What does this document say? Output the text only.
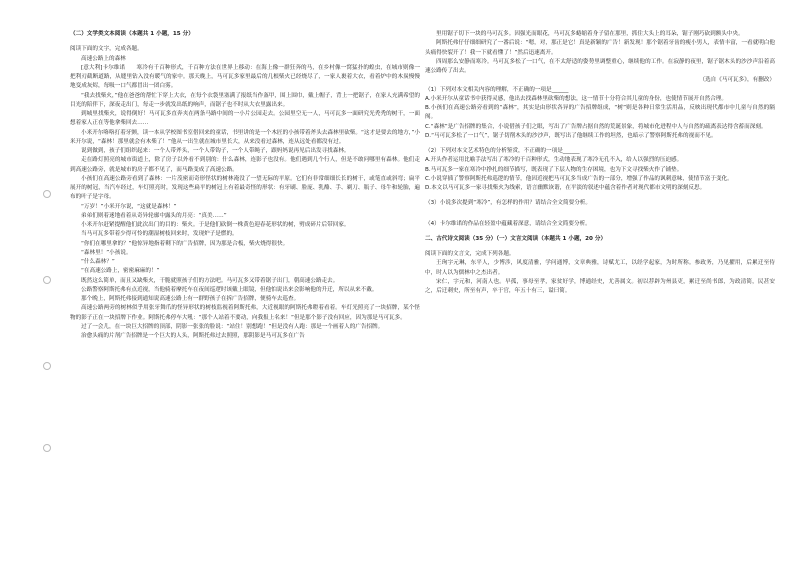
（二）文学类文本阅读（本题共 1 小题，15 分）

阅读下面的文字，完成各题。

高速公路上的森林

[意大利]卡尔维诺　　寒冷有千百种形式，千百种方法在世界上移动：在海上像一群狂奔的马，在乡村像一窝猛扑的蝗虫，在城市则像一把利刃截断道路，从缝里钻入没有暖气的家中。那天晚上，马可瓦多家里最后的几根柴火已经烧尽了，一家人裹着大衣，看着炉中的木炭慢慢地变成灰烬，每吸一口气都冒出一团白雾。

“我去找柴火，”他在爸爸的帮忙下穿上大衣，在每个衣袋里塞满了报纸当作盔甲，围上围巾，戴上帽子，背上一把锯子，在家人充满希望的目光的陪伴下，深夜走出门，每走一步就发出纸的响声，而锯子也不时从大衣里露出来。

到城里找柴火，说得倒好！马可瓦多直奔夹在两条马路中间的一小片公园走去。公园里空无一人，马可瓦多一面研究光秃秃的树干，一面想着家人正在等他拿柴回去……

小米开尔咯咯打着牙颤，读一本从学校图书室借回来的童话，书里讲的是一个木匠的小孩带着斧头去森林里砍柴。“这才是要去的地方，”小米开尔说，“森林！那里就会有木柴了！”他从一出生就在城市里长大，从来没看过森林，连从远处看都没有过。

说到做到，孩子们组织起来：一个人带斧头，一个人带钩子，一个人带绳子，跟妈妈说再见后出发寻找森林。

走在路灯照亮的城市街道上，除了房子以外看不到别的：什么森林，连影子也没有。他们遇到几个行人，但是不敢问哪里有森林。他们走到高速公路旁，就是城市的房子都不见了，而马路变成了高速公路。

小孩们在高速公路旁看到了森林：一片茂密而奇形怪状的树林淹没了一望无际的平原。它们有非常细细长长的树干，或笔直或斜弯；扁平展开的树冠，当汽车经过，车灯照亮时，发现这些扁平的树冠上有着最奇怪的形状：有牙刷、脸庞、乳酪、手、剃刀、瓶子、母牛和轮胎，遍布的叶子是字母。

“万岁！”小米开尔说，“这就是森林！”

弟弟们则着迷地看着从奇异轮廓中露头的月亮：“真美……”

小米开尔赶紧提醒他们此次出门的目的：柴火。于是他们砍倒一株黄色迎春花形状的树，劈成碎片后带回家。

当马可瓦多带着少得可怜的潮湿树枝回来时，发现炉子是燃的。

“你们在哪里拿的？”他惊异地指着剩下的广告招牌，因为那是合板，柴火烧得很快。

“森林里！”小孩说。

“什么森林？”

“在高速公路上，密密麻麻的！”

既然这么简单，而且又缺柴火，干脆就照孩子们的方法吧。马可瓦多又带着锯子出门，朝高速公路走去。

公路警察阿斯托弗有点近视，当他骑着摩托车在夜间巡逻时该戴上眼镜，但他怕说出来会影响他的升迁，所以从来不戴。

那个晚上，阿斯托弗接到通知说高速公路上有一群野孩子在拆广告招牌，便骑车去巡查。

高速公路两旁的树林似乎用张牙舞爪的怪异形状的树枝监视着阿斯托弗，大近视眼的阿斯托弗瞪着看着。车灯光照亮了一块招牌，某个怪物的影子正在一块招牌下作业。阿斯托弗停车大吼：“那个人站着不要动，向我报上名来！”但是那个影子没有回应，因为那是马可瓦多。

过了一会儿，在一块巨大招牌的顶部，阴影一张张的脸说：“站住！别想跑！”但是没有人跑：那是一个画着人的广告招牌。

治愈头痛的片剂广告招牌是一个巨大的人头，阿斯托弗过去照照，那阴影是马可瓦多在广告

里用锯子切下一块的马可瓦多。因强光而眼花，马可瓦多蜷缩着身子留在那里，抓住大头上的耳朵，锯子刚巧砍到额头中央。

阿斯托弗仔仔细细研究了一番后说：“嗯，对，那正是它！真是新颖的广告！新发现！那个锯着牙齿的瘦小男人，表情丰富，一看就明白他头痛得快裂开了！我一下就看懂了！”然后迅速离开。

四周那么安静而寒冷。马可瓦多松了一口气，在不太舒适的姿势里调整重心，继续他的工作。在寂静的夜里，锯子锯木头的沙沙声沿着高速公路传了出去。

（选自《马可瓦多》，有删改）

（1）下列对本文相关内容的理解，不正确的一项是______

A.小米开尔从童话书中获得灵感，他出去找森林里砍柴的想法，这一情节十分符合其儿童的身份，也使情节展开自然合理。

B.小孩们在高速公路旁看到的“森林”，其实是由形状各异的广告招牌组成，“树”则是各种日常生活用品，反映出现代都市中儿童与自然的隔阂。

C.“森林”是广告招牌的集合，小说借孩子们之眼，写出了广告牌占据自然的荒诞景象，将城市化进程中人与自然的疏离表达得含蓄而深刻。

D.“马可瓦多松了一口气”，锯子切削木头的沙沙声，既写出了他继续工作的坦然，也暗示了警察阿斯托弗的视而不见。

（2）下列对本文艺术特色的分析鉴赏，不正确的一项是______

A.开头作者运用比喻手法写出了寒冷的千百种形式，生动地表现了寒冷无孔不入，给人以强烈的压迫感。

B.马可瓦多一家在寒冷中挣扎的细节描写，既表现了下层人物的生存困境，也为下文寻找柴火作了铺垫。

C.小说穿插了警察阿斯托弗巡逻的情节，他因近视把马可瓦多当成广告的一部分，增强了作品的讽刺意味，使情节富于变化。

D.本文以马可瓦多一家寻找柴火为线索，语言幽默诙谐，在平淡的叙述中蕴含着作者对现代都市文明的深刻反思。

（3）小说多次提到“寒冷”，有怎样的作用？请结合全文简要分析。

（4）卡尔维诺的作品在轻盈中蕴藏着深意，请结合全文简要分析。

二、古代诗文阅读（35 分）（一）文言文阅读（本题共 1 小题，20 分）

阅读下面的文言文，完成下列各题。

王珣字元琳，东平人，少博涉，风度清雅，学问通博，文章典雅，诗赋尤工，以经学起家，为时所称。参政务，乃见擢用，后累迁至侍中，时人以为儒林中之杰出者。

宋仁，字元和，河南人也。早孤，事母至孝，家贫好学，博通经史，尤善属文。初以荐辟为州县吏，累迁至尚书郎，为政清简，民甚安之，后迁刺史，所至有声，卒于官，年五十有三，谥曰简。
